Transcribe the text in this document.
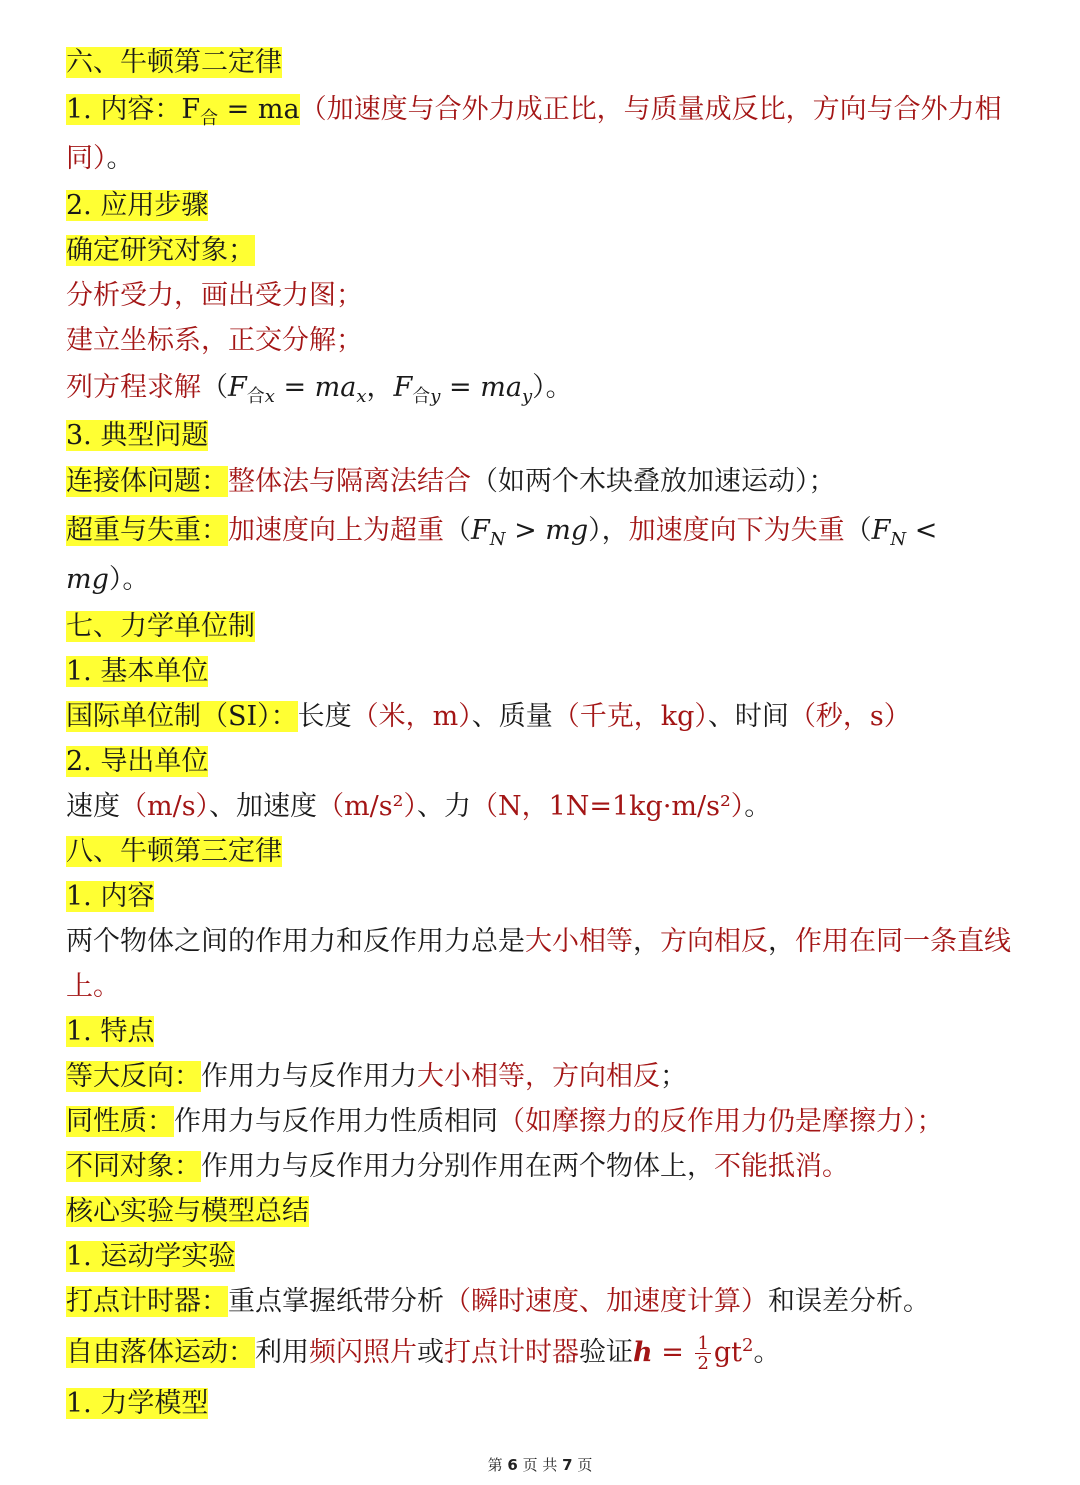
六、牛顿第二定律
1. 内容：$F_合 = ma$（加速度与合外力成正比，与质量成反比，方向与合外力相同）。
2. 应用步骤
确定研究对象；
分析受力，画出受力图；
建立坐标系，正交分解；
列方程求解（$F_{合x} = ma_x$，$F_{合y} = ma_y$）。
3. 典型问题
连接体问题：整体法与隔离法结合（如两个木块叠放加速运动）；
超重与失重：加速度向上为超重$(F_N > mg)$，加速度向下为失重$(F_N < mg)$。
七、力学单位制
1. 基本单位
国际单位制（SI）：长度（米，m）、质量（千克，kg）、时间（秒，s）
2. 导出单位
速度（m/s）、加速度（m/s²）、力（N，1N=1kg·m/s²）。
八、牛顿第三定律
1. 内容
两个物体之间的作用力和反作用力总是大小相等，方向相反，作用在同一条直线上。
1. 特点
等大反向：作用力与反作用力大小相等，方向相反；
同性质：作用力与反作用力性质相同（如摩擦力的反作用力仍是摩擦力）；
不同对象：作用力与反作用力分别作用在两个物体上，不能抵消。
核心实验与模型总结
1. 运动学实验
打点计时器：重点掌握纸带分析（瞬时速度、加速度计算）和误差分析。
自由落体运动：利用频闪照片或打点计时器验证$h = \frac{1}{2} gt^2$。
1. 力学模型
第 6 页 共 7 页
